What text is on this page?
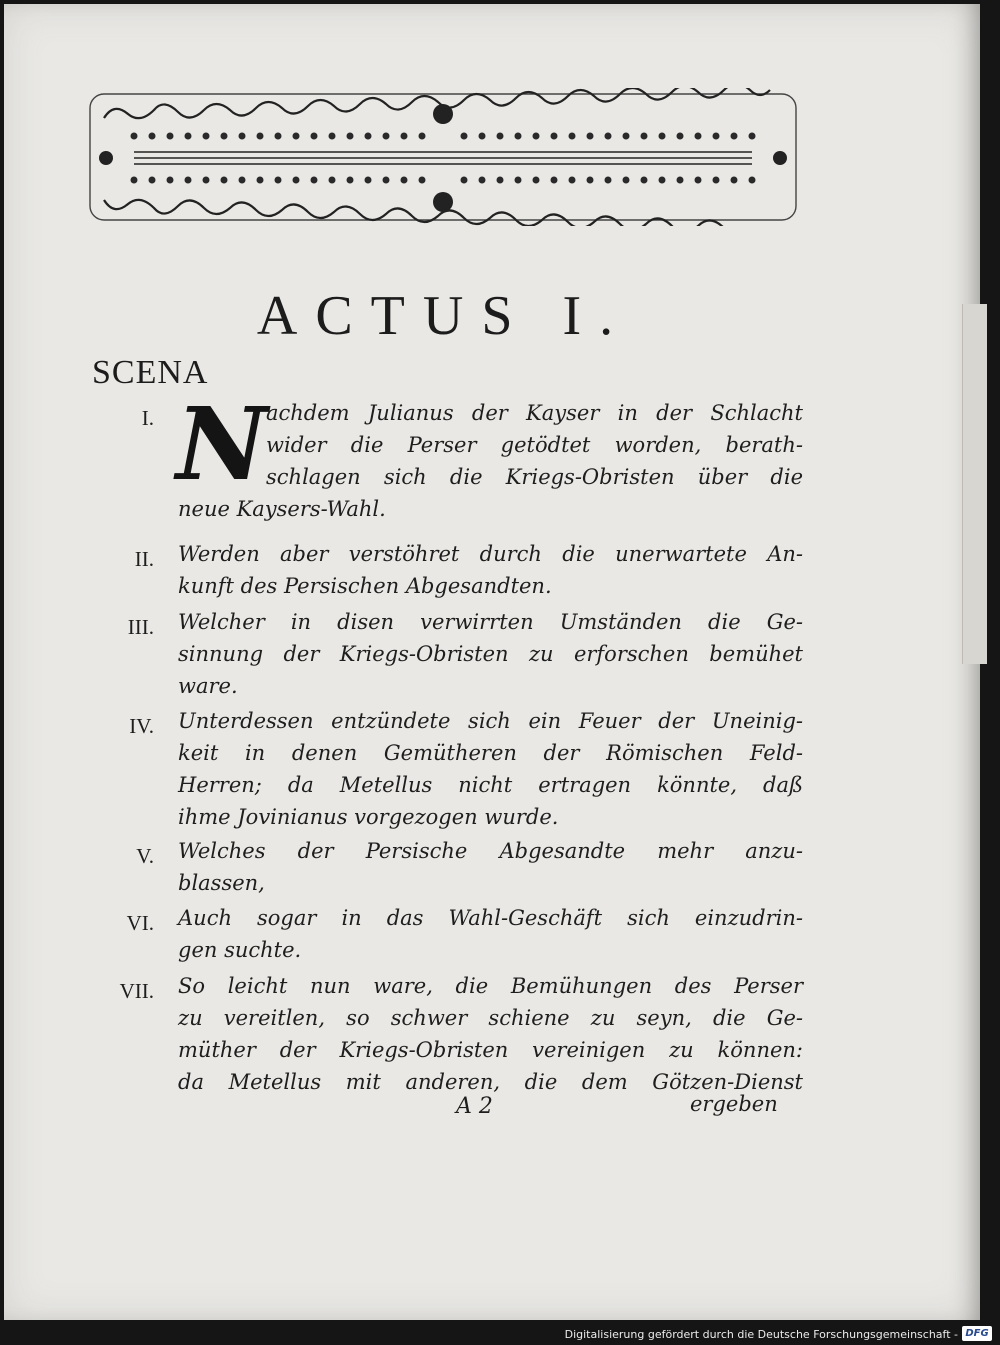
ACTUS I.
SCENA
I. N
achdem Julianus der Kayser in der Schlacht
wider die Perser getödtet worden, berath-
schlagen sich die Kriegs-Obristen über die
neue Kaysers-Wahl.
II. Werden aber verstöhret durch die unerwartete An-
kunft des Persischen Abgesandten.
III. Welcher in disen verwirrten Umständen die Ge-
sinnung der Kriegs-Obristen zu erforschen bemühet
ware.
IV. Unterdessen entzündete sich ein Feuer der Uneinig-
keit in denen Gemütheren der Römischen Feld-
Herren; da Metellus nicht ertragen könnte, daß
ihme Jovinianus vorgezogen wurde.
V. Welches der Persische Abgesandte mehr anzu-
blassen,
VI. Auch sogar in das Wahl-Geschäft sich einzudrin-
gen suchte.
VII. So leicht nun ware, die Bemühungen des Perser
zu vereitlen, so schwer schiene zu seyn, die Ge-
müther der Kriegs-Obristen vereinigen zu können:
da Metellus mit anderen, die dem Götzen-Dienst
A 2	ergeben
Digitalisierung gefördert durch die Deutsche Forschungsgemeinschaft - DFG
